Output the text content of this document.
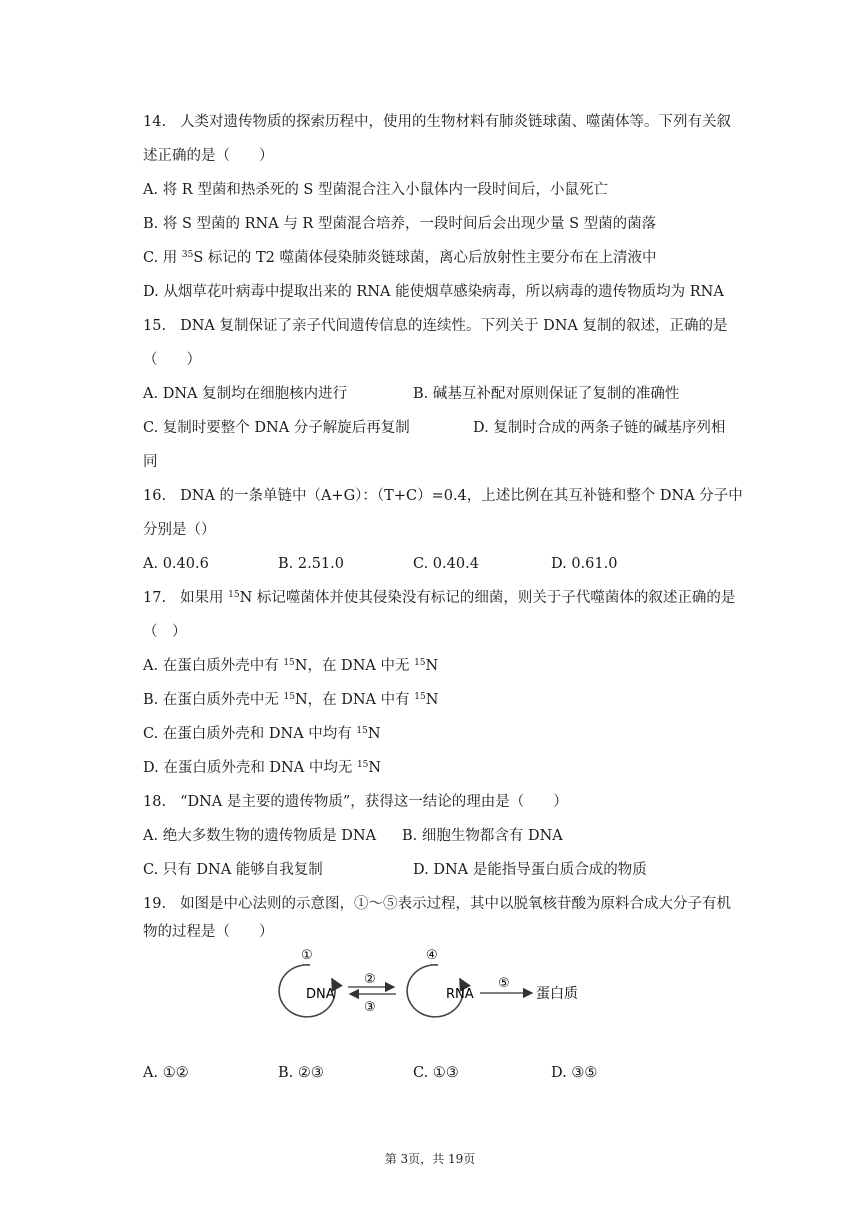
14. 人类对遗传物质的探索历程中，使用的生物材料有肺炎链球菌、噬菌体等。下列有关叙
述正确的是（　　）
A. 将 R 型菌和热杀死的 S 型菌混合注入小鼠体内一段时间后，小鼠死亡
B. 将 S 型菌的 RNA 与 R 型菌混合培养，一段时间后会出现少量 S 型菌的菌落
C. 用 $^{35}$S 标记的 T2 噬菌体侵染肺炎链球菌，离心后放射性主要分布在上清液中
D. 从烟草花叶病毒中提取出来的 RNA 能使烟草感染病毒，所以病毒的遗传物质均为 RNA
15. DNA 复制保证了亲子代间遗传信息的连续性。下列关于 DNA 复制的叙述，正确的是
（　　）
A. DNA 复制均在细胞核内进行	B. 碱基互补配对原则保证了复制的准确性
C. 复制时要整个 DNA 分子解旋后再复制	D. 复制时合成的两条子链的碱基序列相
同
16. DNA 的一条单链中（A+G）：（T+C）=0.4，上述比例在其互补链和整个 DNA 分子中
分别是（）
A. 0.40.6	B. 2.51.0	C. 0.40.4	D. 0.61.0
17. 如果用 $^{15}$N 标记噬菌体并使其侵染没有标记的细菌，则关于子代噬菌体的叙述正确的是
（　）
A. 在蛋白质外壳中有 $^{15}$N，在 DNA 中无 $^{15}$N
B. 在蛋白质外壳中无 $^{15}$N，在 DNA 中有 $^{15}$N
C. 在蛋白质外壳和 DNA 中均有 $^{15}$N
D. 在蛋白质外壳和 DNA 中均无 $^{15}$N
18. “DNA 是主要的遗传物质”，获得这一结论的理由是（　　）
A. 绝大多数生物的遗传物质是 DNA B. 细胞生物都含有 DNA
C. 只有 DNA 能够自我复制	D. DNA 是能指导蛋白质合成的物质
19. 如图是中心法则的示意图，①～⑤表示过程，其中以脱氧核苷酸为原料合成大分子有机
物的过程是（　　）
①
DNA
②
③
④
RNA
⑤
蛋白质
A. ①②	B. ②③	C. ①③	D. ③⑤
第 3页，共 19页
